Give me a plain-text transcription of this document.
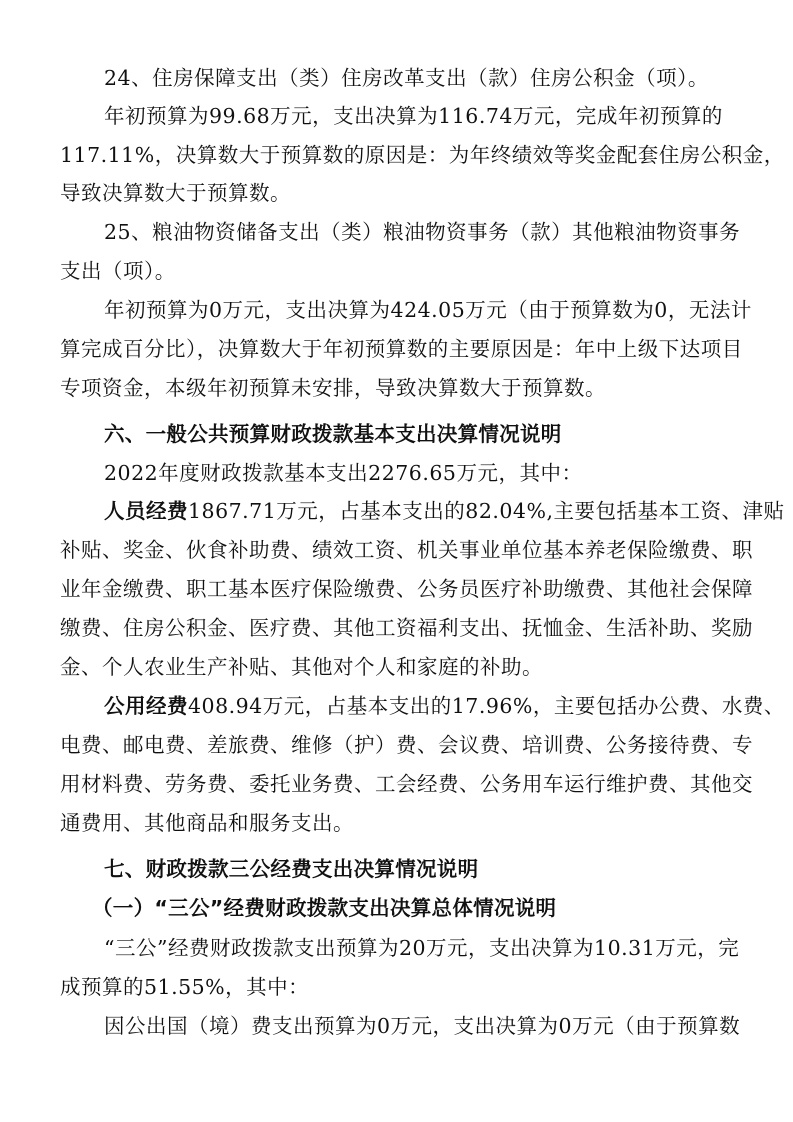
24、住房保障支出（类）住房改革支出（款）住房公积金（项）。
年初预算为99.68万元，支出决算为116.74万元，完成年初预算的
117.11%，决算数大于预算数的原因是：为年终绩效等奖金配套住房公积金，
导致决算数大于预算数。
25、粮油物资储备支出（类）粮油物资事务（款）其他粮油物资事务
支出（项）。
年初预算为0万元，支出决算为424.05万元（由于预算数为0，无法计
算完成百分比），决算数大于年初预算数的主要原因是：年中上级下达项目
专项资金，本级年初预算未安排，导致决算数大于预算数。
六、一般公共预算财政拨款基本支出决算情况说明
2022年度财政拨款基本支出2276.65万元，其中：
人员经费1867.71万元，占基本支出的82.04%,主要包括基本工资、津贴
补贴、奖金、伙食补助费、绩效工资、机关事业单位基本养老保险缴费、职
业年金缴费、职工基本医疗保险缴费、公务员医疗补助缴费、其他社会保障
缴费、住房公积金、医疗费、其他工资福利支出、抚恤金、生活补助、奖励
金、个人农业生产补贴、其他对个人和家庭的补助。
公用经费408.94万元，占基本支出的17.96%，主要包括办公费、水费、
电费、邮电费、差旅费、维修（护）费、会议费、培训费、公务接待费、专
用材料费、劳务费、委托业务费、工会经费、公务用车运行维护费、其他交
通费用、其他商品和服务支出。
七、财政拨款三公经费支出决算情况说明
（一）“三公”经费财政拨款支出决算总体情况说明
“三公”经费财政拨款支出预算为20万元，支出决算为10.31万元，完
成预算的51.55%，其中：
因公出国（境）费支出预算为0万元，支出决算为0万元（由于预算数
